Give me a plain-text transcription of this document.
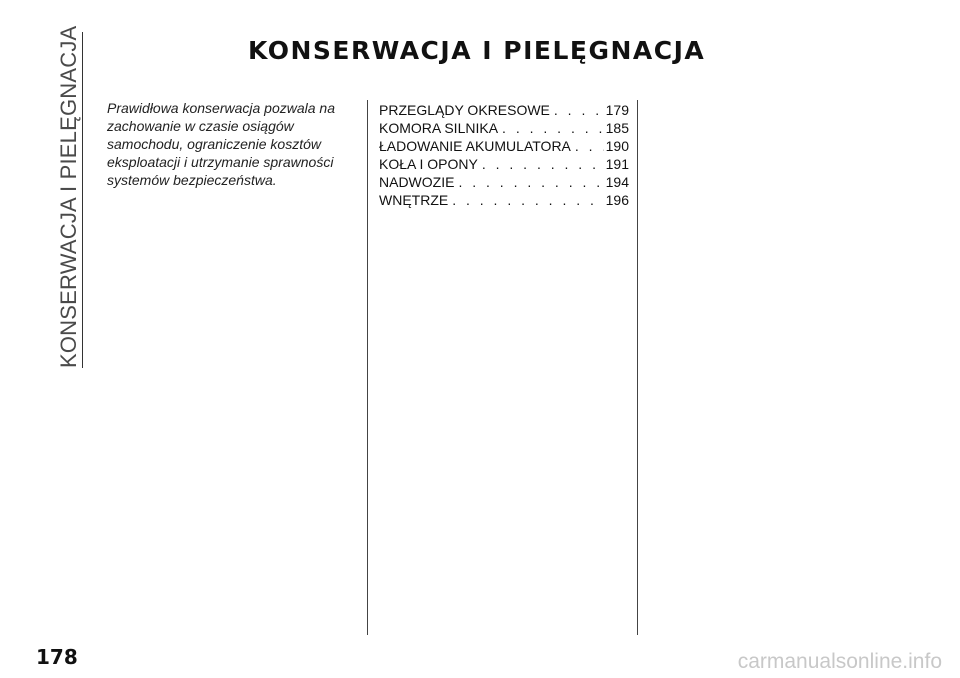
KONSERWACJA I PIELĘGNACJA	KONSERWACJA I PIELĘGNACJA
Prawidłowa konserwacja pozwala na
zachowanie w czasie osiągów
samochodu, ograniczenie kosztów
eksploatacji i utrzymanie sprawności
systemów bezpieczeństwa.
PRZEGLĄDY OKRESOWE . . .	179
KOMORA SILNIKA . . .	185
ŁADOWANIE AKUMULATORA . . . 190
KOŁA I OPONY . . .	191
NADWOZIE . . .	194
WNĘTRZE . . .	196
178	carmanualsonline.info
